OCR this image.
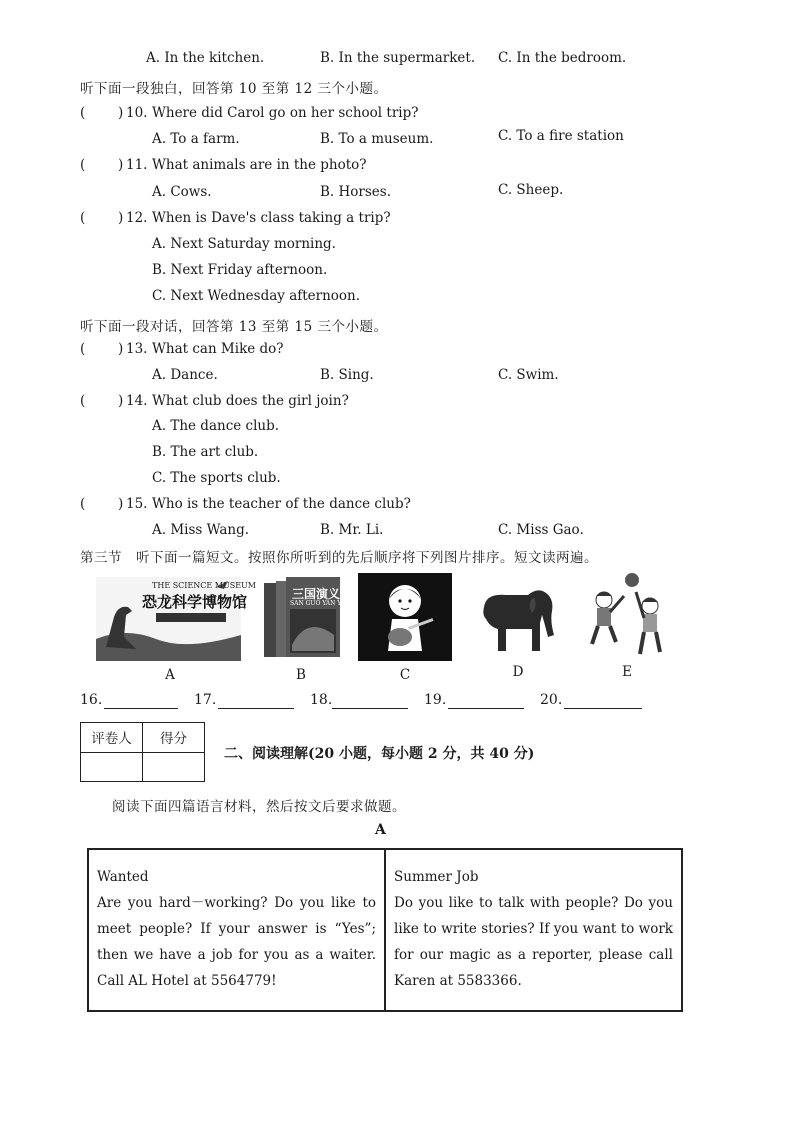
A. In the kitchen.	B. In the supermarket. C. In the bedroom.
听下面一段独白，回答第 10 至第 12 三个小题。
( ) 10. Where did Carol go on her school trip?
A. To a farm.	B. To a museum.	C. To a fire station
( ) 11. What animals are in the photo?
A. Cows.	B. Horses.	C. Sheep.
( ) 12. When is Dave's class taking a trip?
A. Next Saturday morning.
B. Next Friday afternoon.
C. Next Wednesday afternoon.
听下面一段对话，回答第 13 至第 15 三个小题。
( ) 13. What can Mike do?
A. Dance.	B. Sing.	C. Swim.
( ) 14. What club does the girl join?
A. The dance club.
B. The art club.
C. The sports club.
( ) 15. Who is the teacher of the dance club?
A. Miss Wang.	B. Mr. Li.	C. Miss Gao.
第三节　听下面一篇短文。按照你所听到的先后顺序将下列图片排序。短文读两遍。
THE SCIENCE MUSEUM
恐龙科学博物馆
A
三国演义
SAN GUO YAN YI
B	C	D	E
16.	17.	18.	19.	20.
评卷人	得分

二、阅读理解(20 小题，每小题 2 分，共 40 分)
阅读下面四篇语言材料，然后按文后要求做题。
A
Wanted
Are you hard－working? Do you like to meet people? If your answer is “Yes”; then we have a job for you as a waiter. Call AL Hotel at 5564779!
Summer Job
Do you like to talk with people? Do you like to write stories? If you want to work for our magic as a reporter, please call Karen at 5583366.
